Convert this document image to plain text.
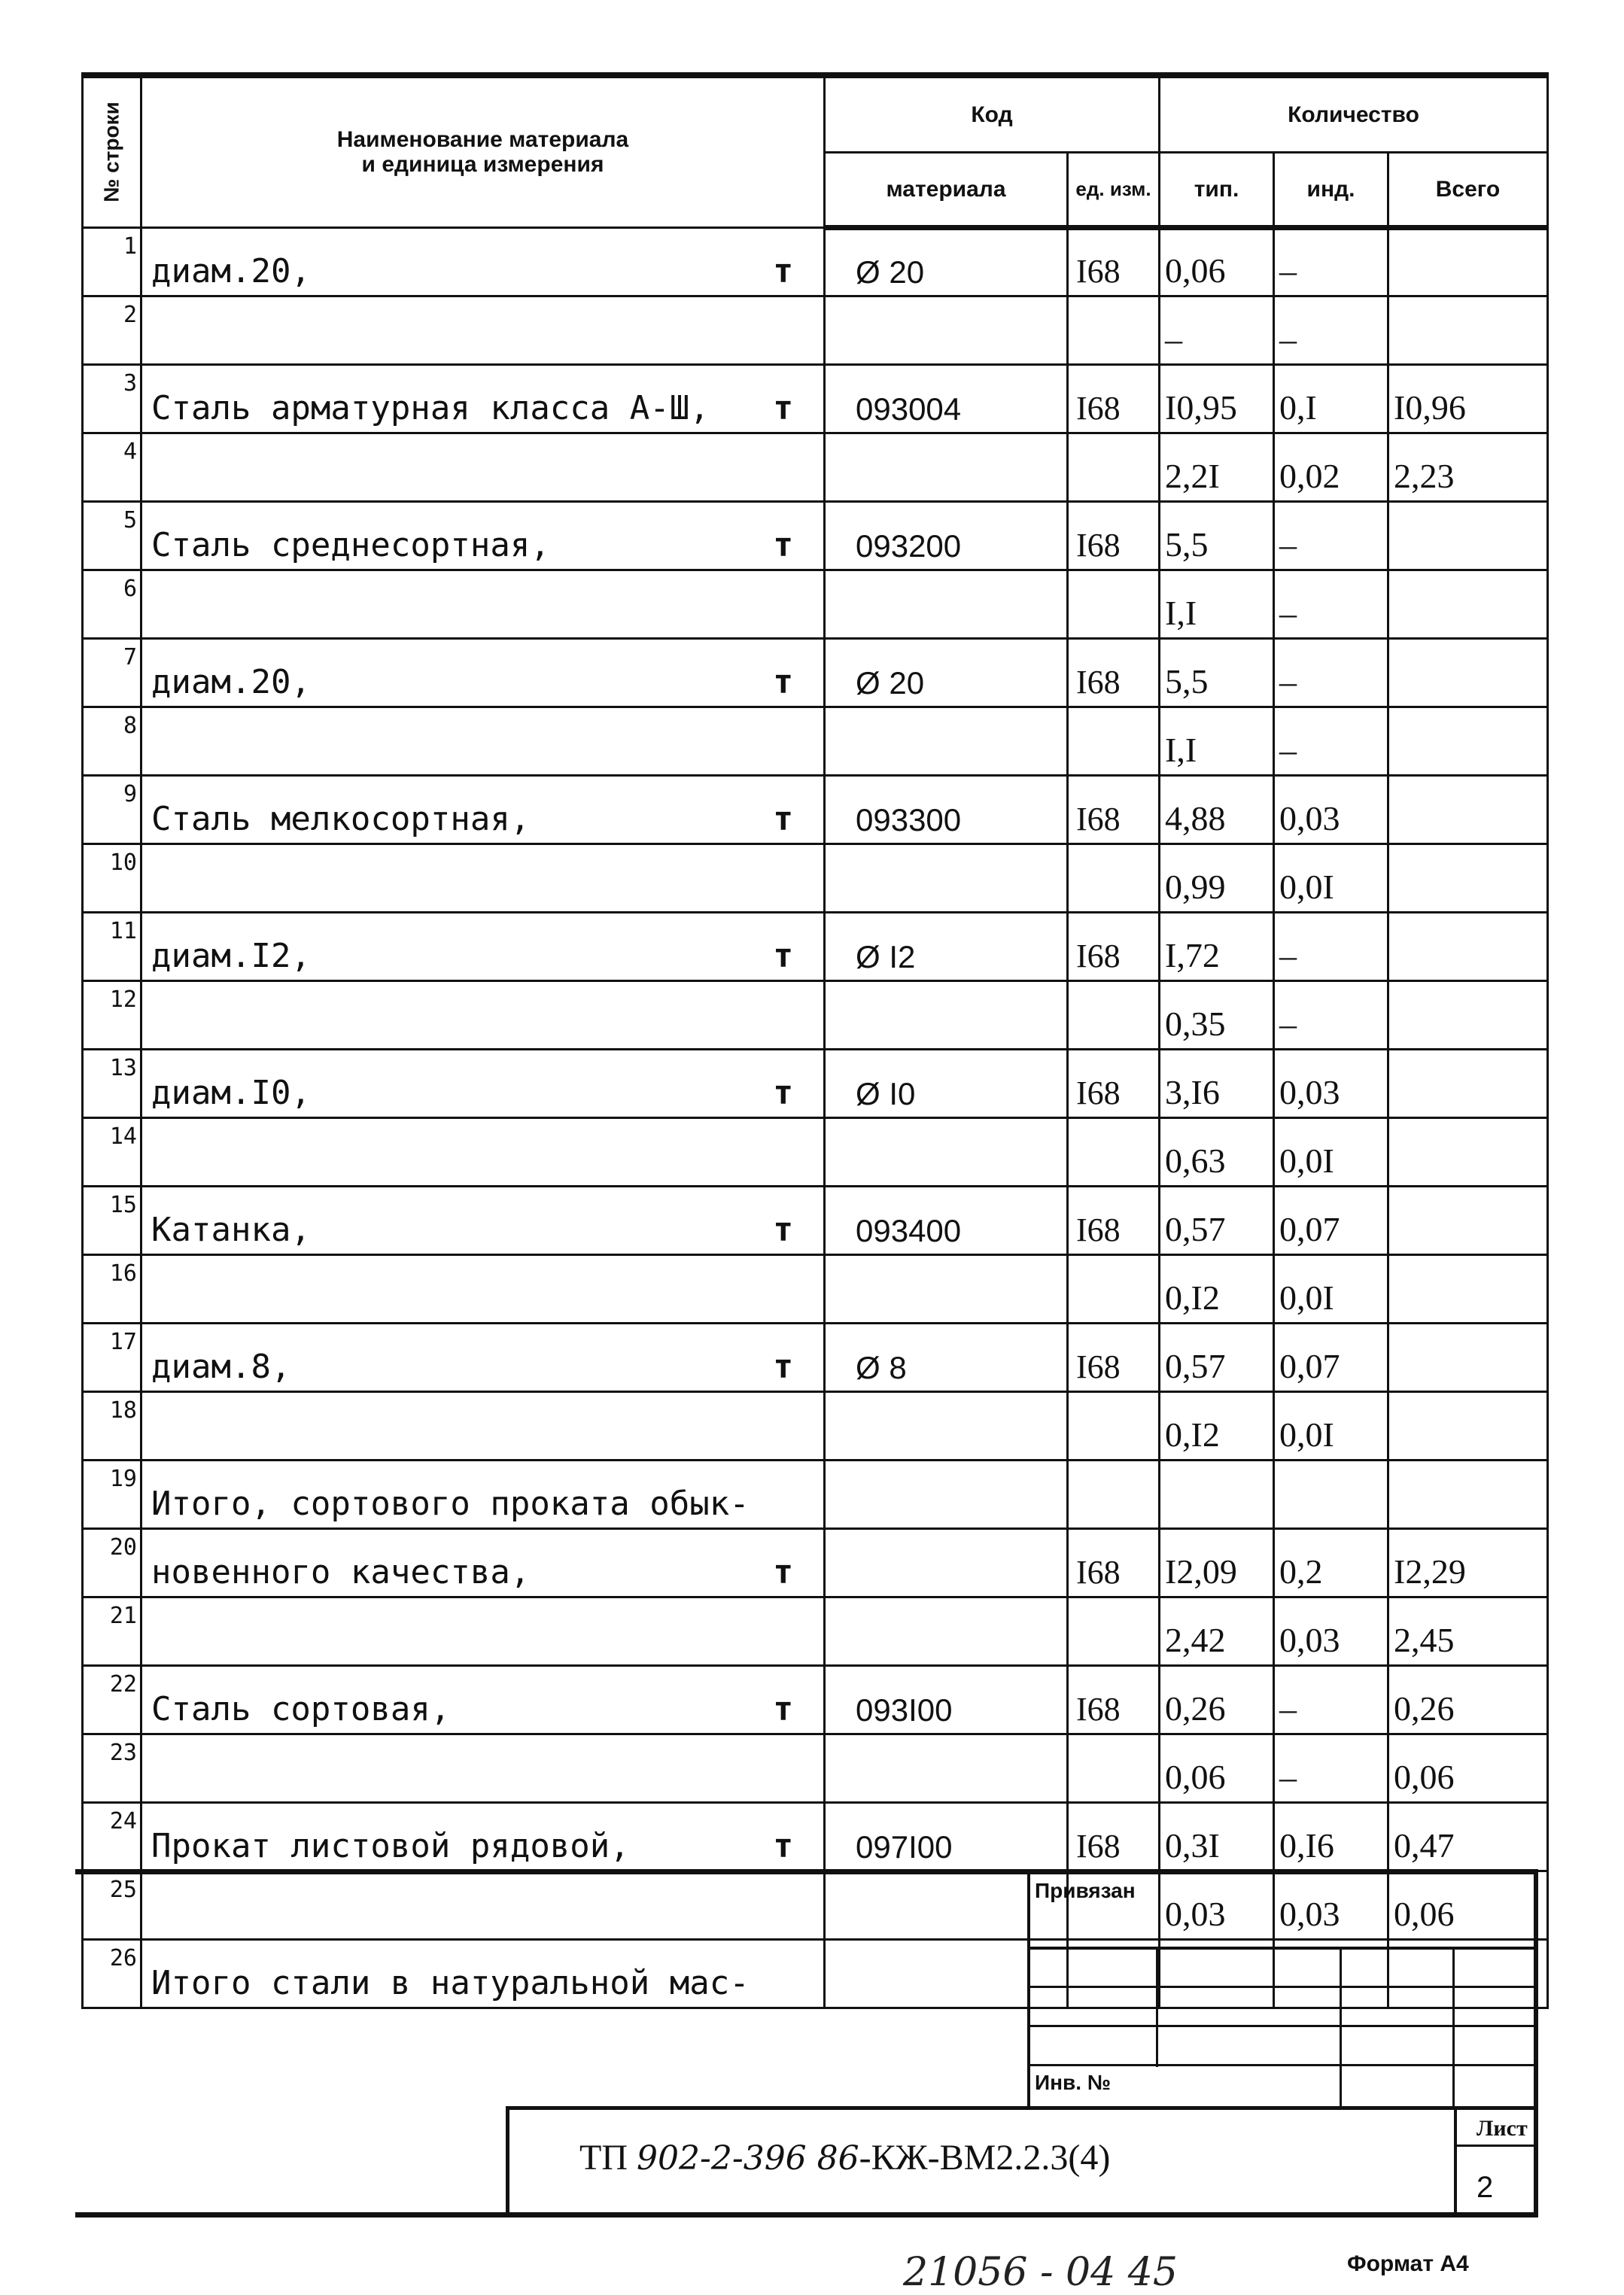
№ строки	Наименование материала
и единица измерения	Код		Количество		
		материала	ед. изм.	тип.	инд.	Всего
1	диам.20, т	Ø 20	I68	0,06	–	
2				–	–	
3	Сталь арматурная класса А-Ш, т	093004	I68	I0,95	0,I	I0,96
4				2,2I	0,02	2,23
5	Сталь среднесортная, т	093200	I68	5,5	–	
6				I,I	–	
7	диам.20, т	Ø 20	I68	5,5	–	
8				I,I	–	
9	Сталь мелкосортная, т	093300	I68	4,88	0,03	
10				0,99	0,0I	
11	диам.I2, т	Ø I2	I68	I,72	–	
12				0,35	–	
13	диам.I0, т	Ø I0	I68	3,I6	0,03	
14				0,63	0,0I	
15	Катанка, т	093400	I68	0,57	0,07	
16				0,I2	0,0I	
17	диам.8, т	Ø 8	I68	0,57	0,07	
18				0,I2	0,0I	
19	Итого, сортового проката обык-					

20	новенного качества, т		I68	I2,09	0,2	I2,29
21				2,42	0,03	2,45
22	Сталь сортовая, т	093I00	I68	0,26	–	0,26
23				0,06	–	0,06
24	Прокат листовой рядовой, т	097I00	I68	0,3I	0,I6	0,47
25				0,03	0,03	0,06
26	Итого стали в натуральной мас-					

Привязан
Инв. №
ТП 902-2-396 86-КЖ-ВМ2.2.3(4)
Лист
2
21056 - 04 45	Формат А4
